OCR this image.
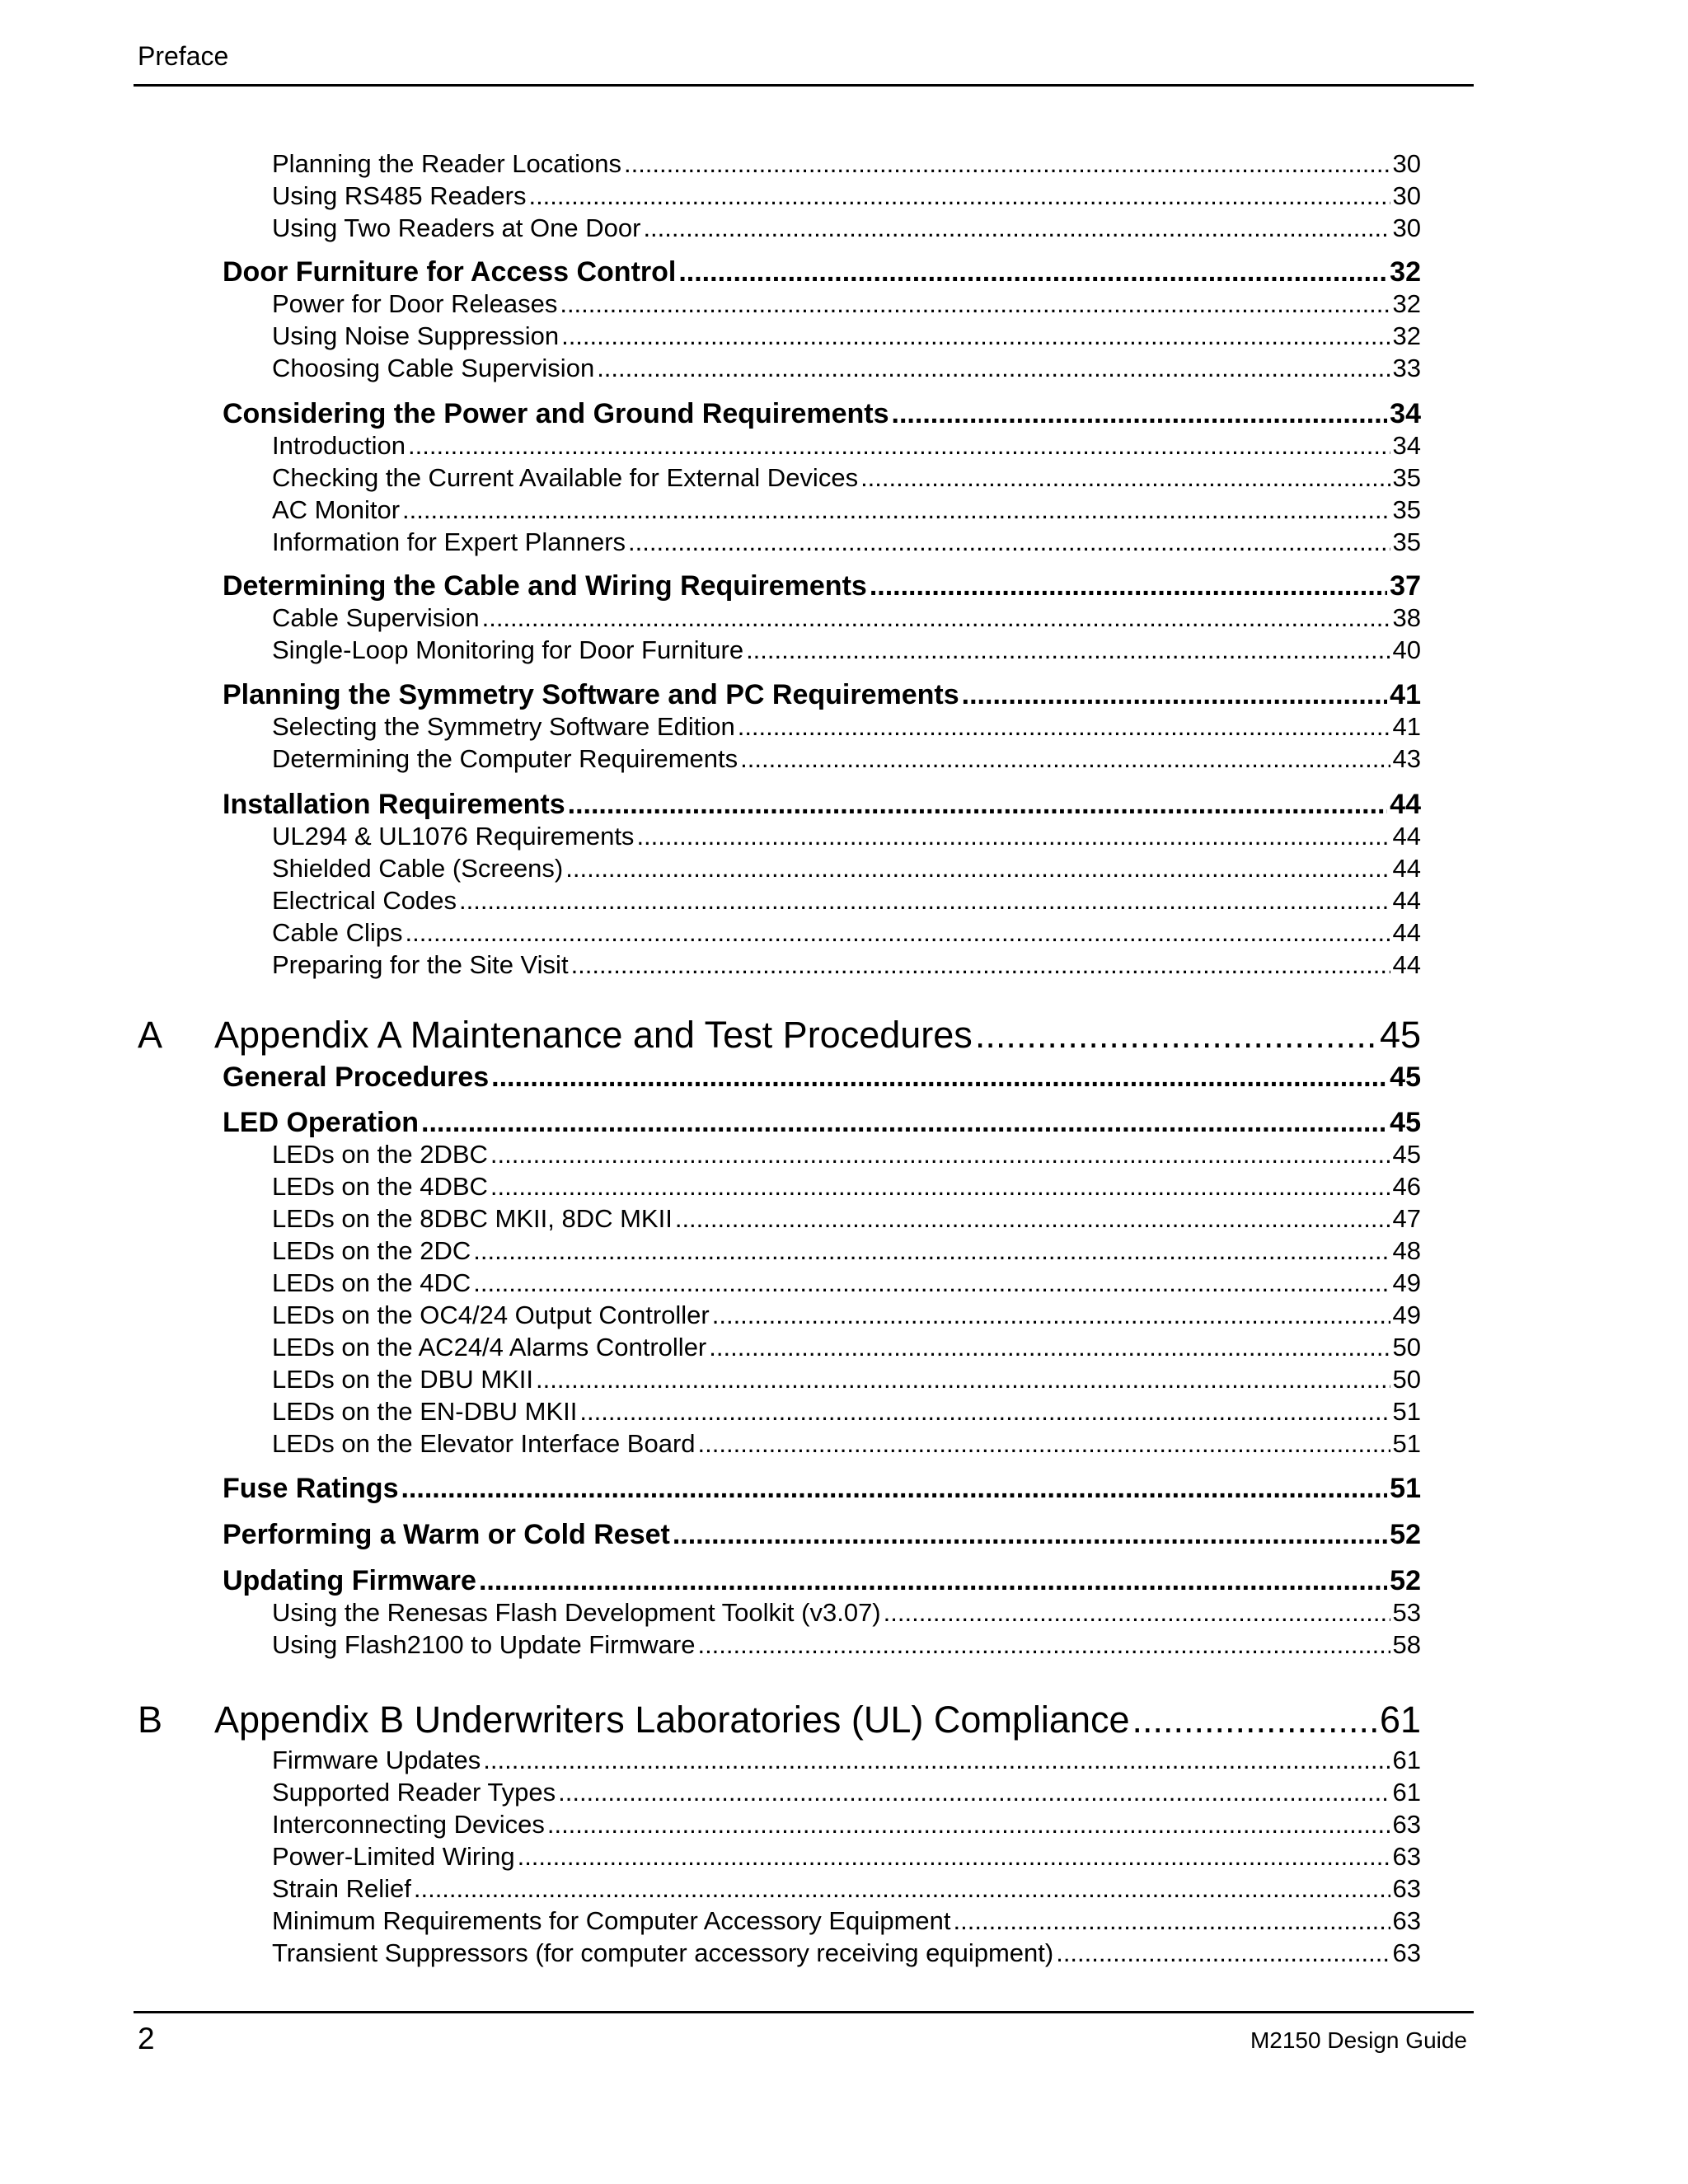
Preface
Planning the Reader Locations .....	30
Using RS485 Readers .....	30
Using Two Readers at One Door .....	30
Door Furniture for Access Control .....	32
Power for Door Releases .....	32
Using Noise Suppression .....	32
Choosing Cable Supervision .....	33
Considering the Power and Ground Requirements .....	34
Introduction .....	34
Checking the Current Available for External Devices .....	35
AC Monitor .....	35
Information for Expert Planners .....	35
Determining the Cable and Wiring Requirements .....	37
Cable Supervision .....	38
Single-Loop Monitoring for Door Furniture .....	40
Planning the Symmetry Software and PC Requirements .....	41
Selecting the Symmetry Software Edition .....	41
Determining the Computer Requirements .....	43
Installation Requirements .....	44
UL294 & UL1076 Requirements .....	44
Shielded Cable (Screens) .....	44
Electrical Codes .....	44
Cable Clips .....	44
Preparing for the Site Visit .....	44
A Appendix A Maintenance and Test Procedures .....	45
General Procedures .....	45
LED Operation .....	45
LEDs on the 2DBC .....	45
LEDs on the 4DBC .....	46
LEDs on the 8DBC MKII, 8DC MKII .....	47
LEDs on the 2DC .....	48
LEDs on the 4DC .....	49
LEDs on the OC4/24 Output Controller .....	49
LEDs on the AC24/4 Alarms Controller .....	50
LEDs on the DBU MKII .....	50
LEDs on the EN-DBU MKII .....	51
LEDs on the Elevator Interface Board .....	51
Fuse Ratings .....	51
Performing a Warm or Cold Reset .....	52
Updating Firmware .....	52
Using the Renesas Flash Development Toolkit (v3.07) .....	53
Using Flash2100 to Update Firmware .....	58
B Appendix B Underwriters Laboratories (UL) Compliance .....	61
Firmware Updates .....	61
Supported Reader Types .....	61
Interconnecting Devices .....	63
Power-Limited Wiring .....	63
Strain Relief .....	63
Minimum Requirements for Computer Accessory Equipment .....	63
Transient Suppressors (for computer accessory receiving equipment) .....	63
2	M2150 Design Guide
